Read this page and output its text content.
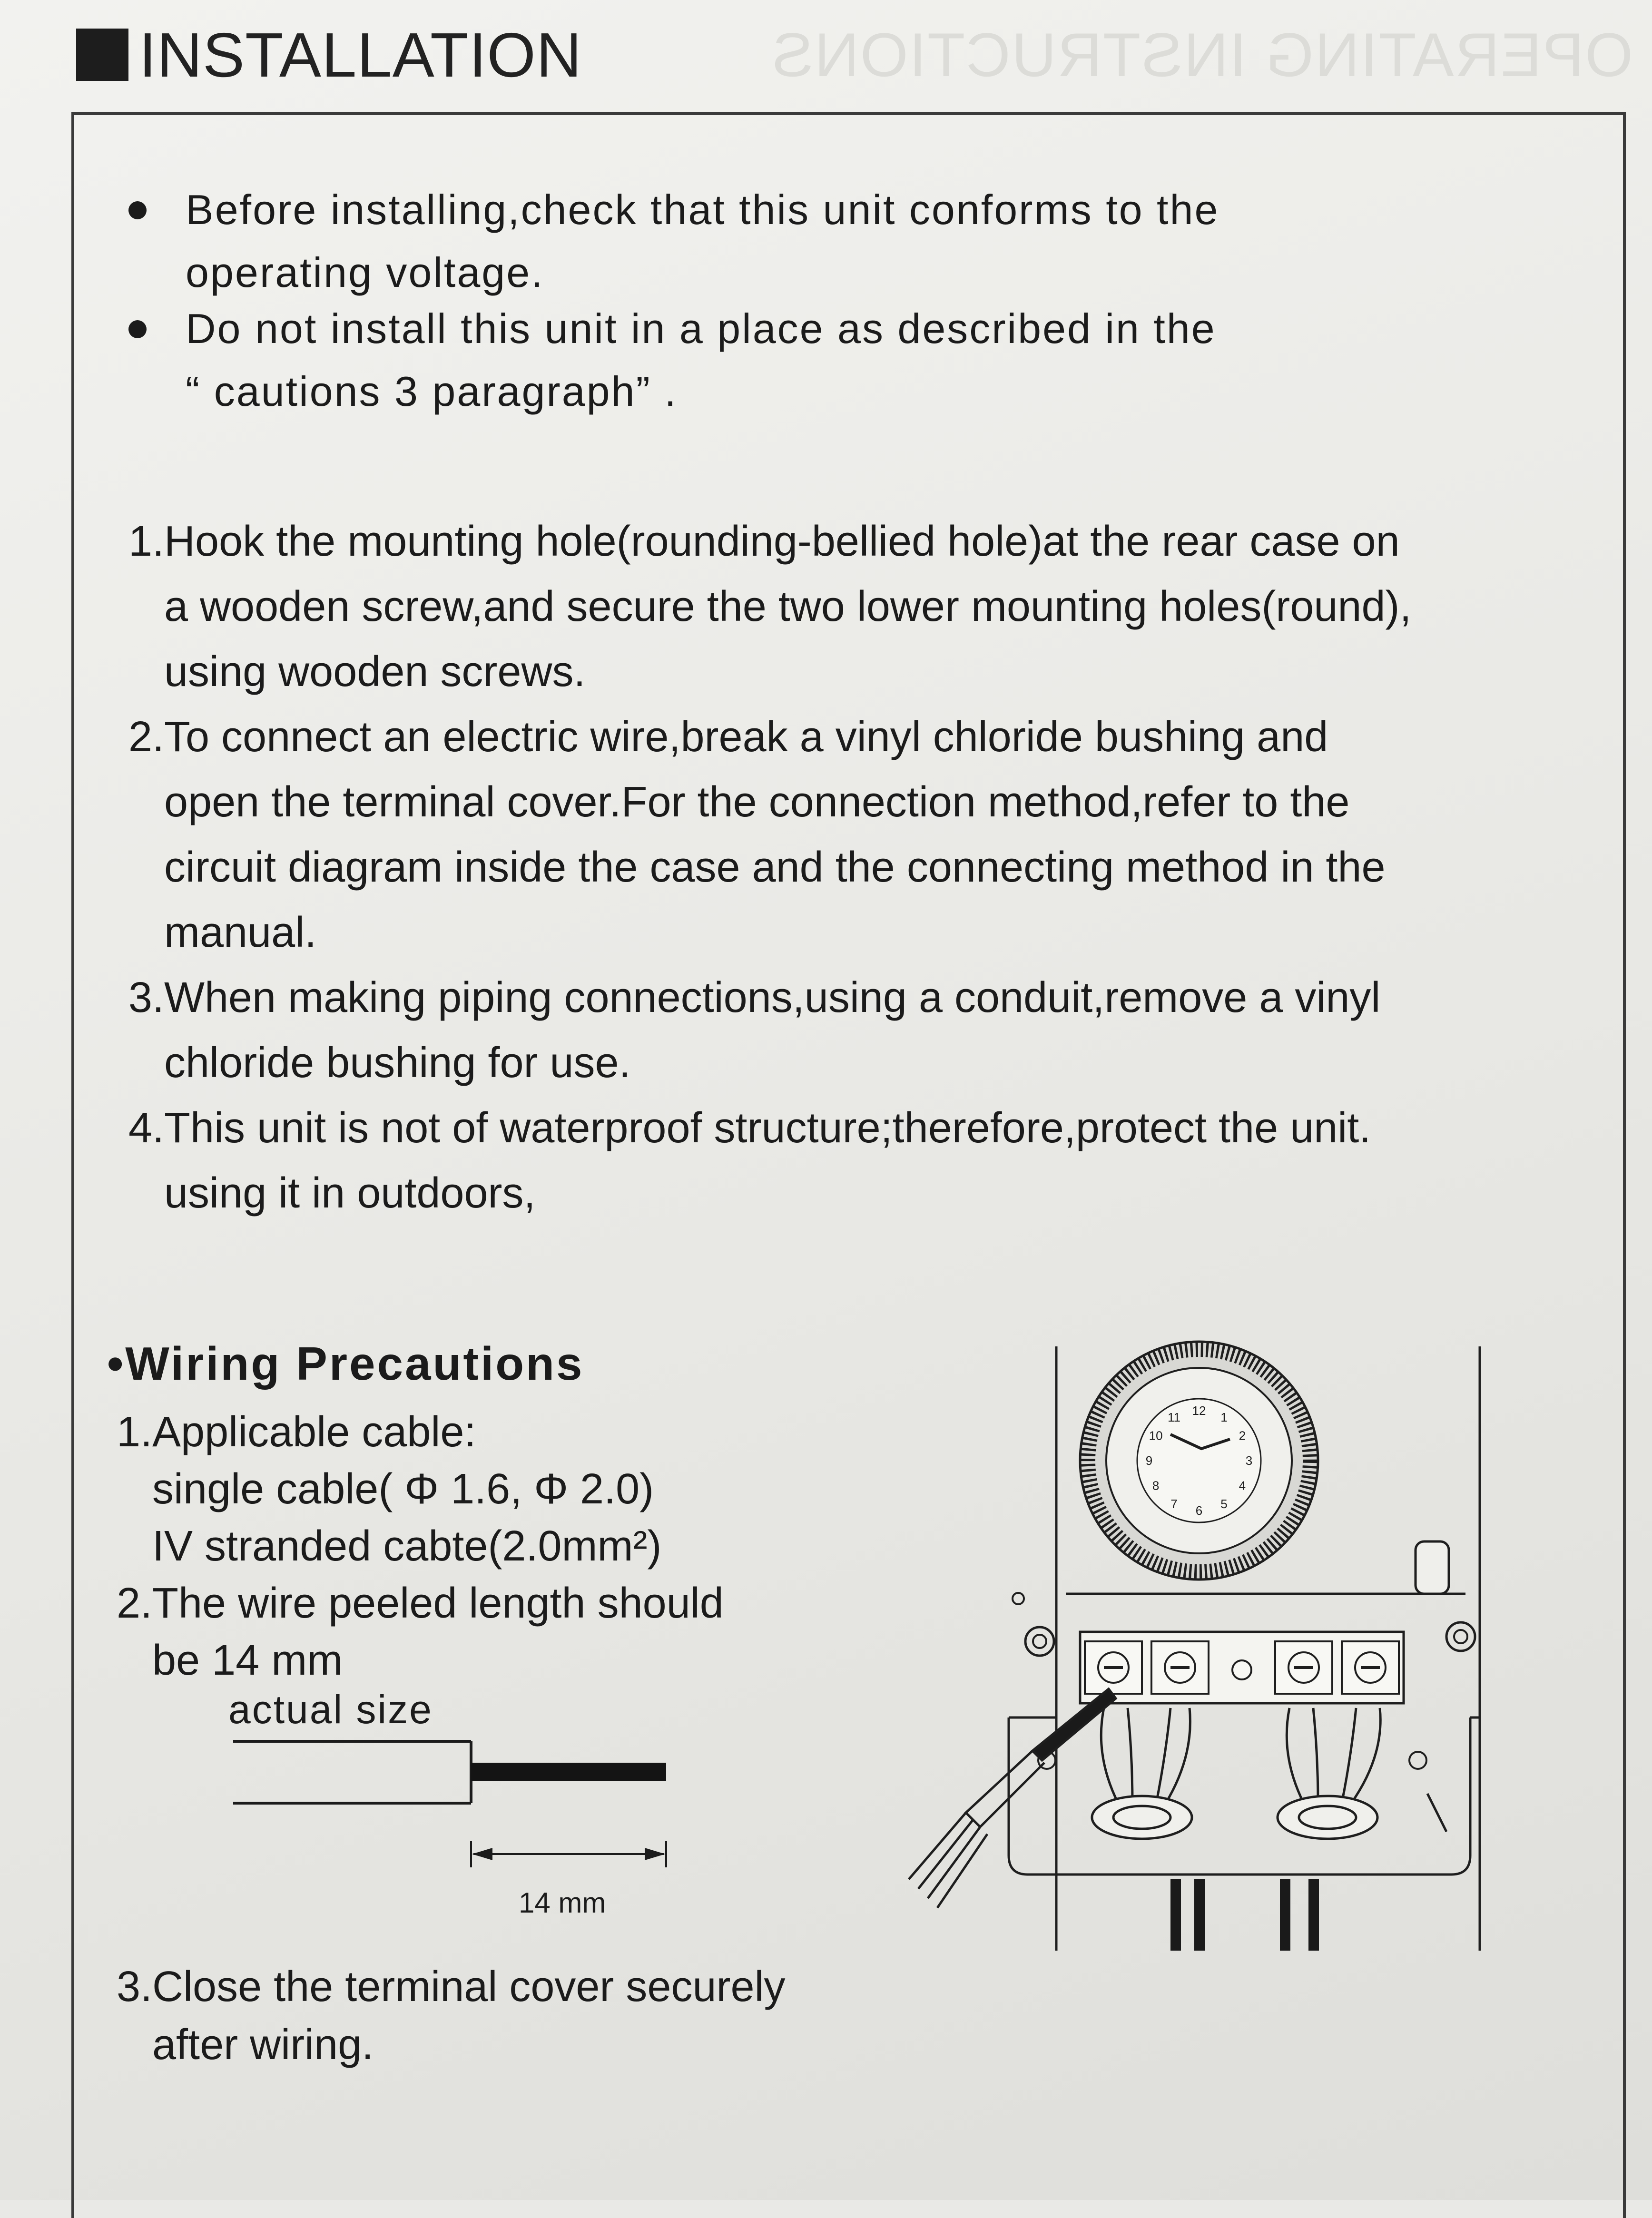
INSTALLATION	OPERATING INSTRUCTIONS
Before installing,check that this unit conforms to the
operating voltage.
Do not install this unit in a place as described in the
“ cautions 3 paragraph” .
1. Hook the mounting hole(rounding-bellied hole)at the rear case on
a wooden screw,and secure the two lower mounting holes(round),
using wooden screws.
2. To connect an electric wire,break a vinyl chloride bushing and
open the terminal cover.For the connection method,refer to the
circuit diagram inside the case and the connecting method in the
manual.
3. When making piping connections,using a conduit,remove a vinyl
chloride bushing for use.
4. This unit is not of waterproof structure;therefore,protect the unit.
using it in outdoors,
•Wiring Precautions
1. Applicable cable:
single cable( Φ 1.6, Φ 2.0)
IV stranded cabte(2.0mm²)
2. The wire peeled length should
be 14 mm
actual size
14 mm
3. Close the terminal cover securely
after wiring.
12 1
2
3
4
5
6
7
8
9
10
11
